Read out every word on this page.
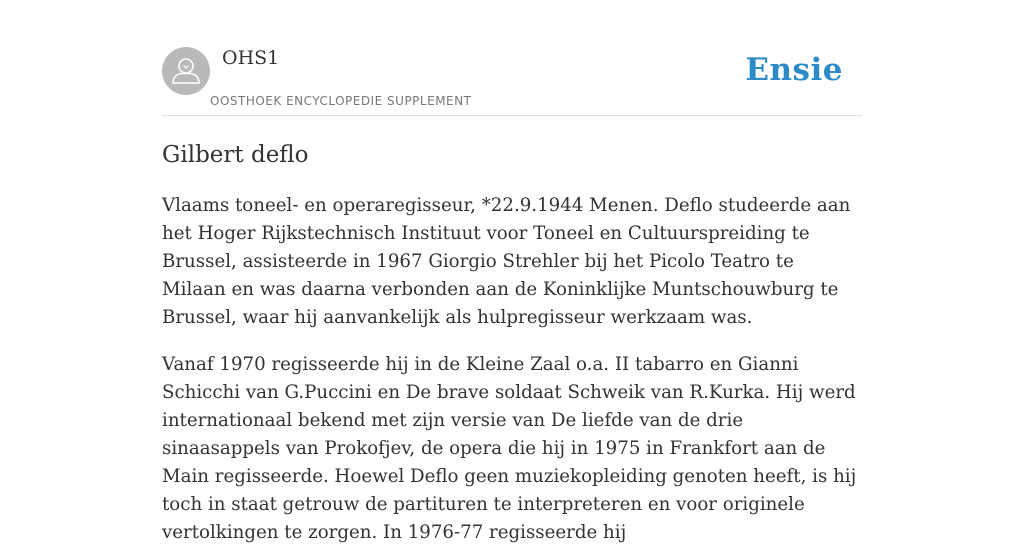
OHS1
OOSTHOEK ENCYCLOPEDIE SUPPLEMENT
Ensie
Gilbert deflo

Vlaams toneel- en operaregisseur, *22.9.1944 Menen. Deflo studeerde aan het Hoger Rijkstechnisch Instituut voor Toneel en Cultuurspreiding te Brussel, assisteerde in 1967 Giorgio Strehler bij het Picolo Teatro te Milaan en was daarna verbonden aan de Koninklijke Muntschouwburg te Brussel, waar hij aanvankelijk als hulpregisseur werkzaam was.

Vanaf 1970 regisseerde hij in de Kleine Zaal o.a. II tabarro en Gianni Schicchi van G.Puccini en De brave soldaat Schweik van R.Kurka. Hij werd internationaal bekend met zijn versie van De liefde van de drie sinaasappels van Prokofjev, de opera die hij in 1975 in Frankfort aan de Main regisseerde. Hoewel Deflo geen muziekopleiding genoten heeft, is hij toch in staat getrouw de partituren te interpreteren en voor originele vertolkingen te zorgen. In 1976-77 regisseerde hij
